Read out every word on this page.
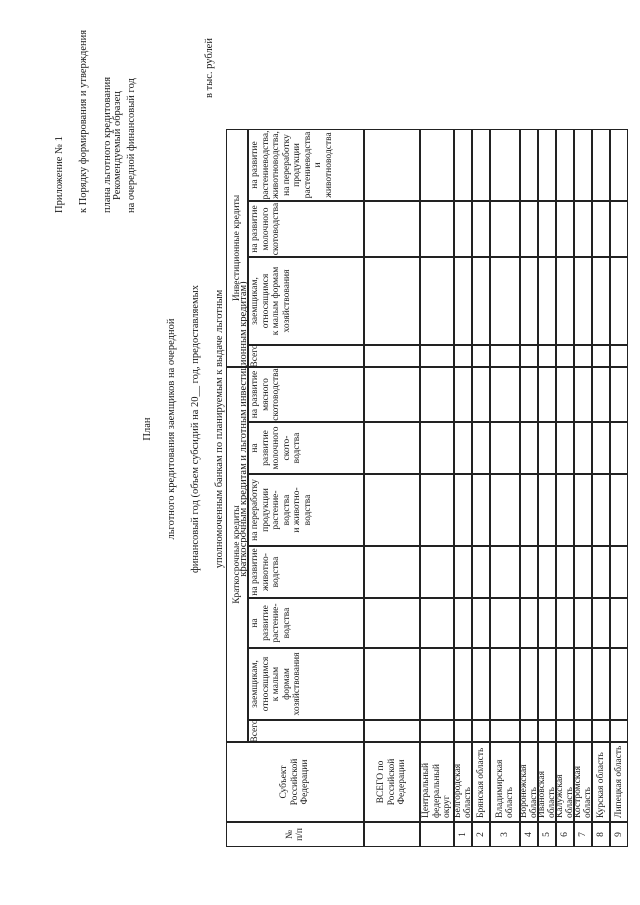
Приложение № 1 к Порядку формирования и утверждения плана льготного кредитования на очередной финансовый год

Рекомендуемый образец

План льготного кредитования заемщиков на очередной финансовый год (объем субсидий на 20__ год, предоставляемых уполномоченным банкам по планируемым к выдаче льготным краткосрочным кредитам и льготным инвестиционным кредитам)

в тыс. рублей
№
п/п
Субъект Российской
Федерации
Краткосрочные кредиты
Инвестиционные кредиты
Всего
заемщикам,
относящимся
к малым
формам
хозяйствования
на развитие
растение-
водства
на развитие
животно-
водства
на переработку
продукции
растение-
водства
и животно-
водства
на
развитие
молочного
ското-
водства
на развитие
мясного
скотоводства
Всего
заемщикам,
относящимся
к малым формам
хозяйствования
на развитие
молочного
скотоводства
на развитие
растениеводства,
животноводства,
на переработку
продукции
растениеводства
и животноводства
ВСЕГО по
Российской
Федерации	Центральный
федеральный округ
1
Белгородская область
2
Брянская область
3
Владимирская
область
4
Воронежская область
5
Ивановская область
6
Калужская область
7
Костромская область
8
Курская область
9
Липецкая область
